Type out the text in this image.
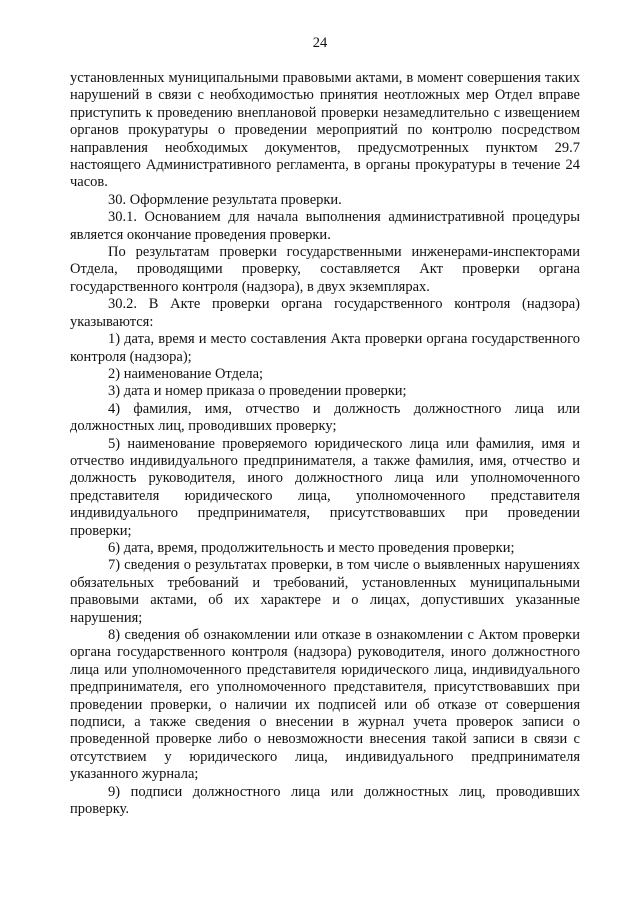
24

установленных муниципальными правовыми актами, в момент совершения таких нарушений в связи с необходимостью принятия неотложных мер Отдел вправе приступить к проведению внеплановой проверки незамедлительно с извещением органов прокуратуры о проведении мероприятий по контролю посредством направления необходимых документов, предусмотренных пунктом 29.7 настоящего Административного регламента, в органы прокуратуры в течение 24 часов.

30. Оформление результата проверки.

30.1. Основанием для начала выполнения административной процедуры является окончание проведения проверки.

По результатам проверки государственными инженерами-инспекторами Отдела, проводящими проверку, составляется Акт проверки органа государственного контроля (надзора), в двух экземплярах.

30.2. В Акте проверки органа государственного контроля (надзора) указываются:

1) дата, время и место составления Акта проверки органа государственного контроля (надзора);

2) наименование Отдела;

3) дата и номер приказа о проведении проверки;

4) фамилия, имя, отчество и должность должностного лица или должностных лиц, проводивших проверку;

5) наименование проверяемого юридического лица или фамилия, имя и отчество индивидуального предпринимателя, а также фамилия, имя, отчество и должность руководителя, иного должностного лица или уполномоченного представителя юридического лица, уполномоченного представителя индивидуального предпринимателя, присутствовавших при проведении проверки;

6) дата, время, продолжительность и место проведения проверки;

7) сведения о результатах проверки, в том числе о выявленных нарушениях обязательных требований и требований, установленных муниципальными правовыми актами, об их характере и о лицах, допустивших указанные нарушения;

8) сведения об ознакомлении или отказе в ознакомлении с Актом проверки органа государственного контроля (надзора) руководителя, иного должностного лица или уполномоченного представителя юридического лица, индивидуального предпринимателя, его уполномоченного представителя, присутствовавших при проведении проверки, о наличии их подписей или об отказе от совершения подписи, а также сведения о внесении в журнал учета проверок записи о проведенной проверке либо о невозможности внесения такой записи в связи с отсутствием у юридического лица, индивидуального предпринимателя указанного журнала;

9) подписи должностного лица или должностных лиц, проводивших проверку.
